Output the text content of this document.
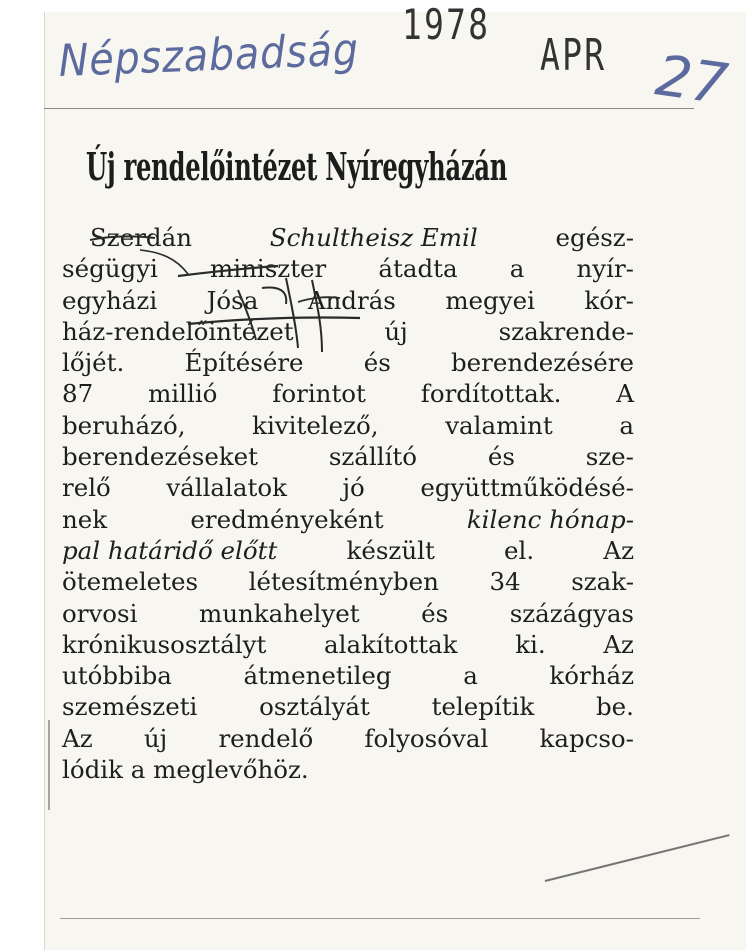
Népszabadság 1978
APR 27
Új rendelőintézet Nyíregyházán
Szerdán	Schultheisz Emil	egész-
ségügyi miniszter átadta a nyír-
egyházi Jósa András megyei kór-
ház-rendelőintézet	új	szakrende-
lőjét. Építésére és berendezésére
87 millió forintot fordítottak. A
beruházó,	kivitelező,	valamint	a
berendezéseket	szállító	és	sze-
relő vállalatok jó együttműködésé-
nek	eredményeként	kilenc hónap-
pal határidő előtt	készült	el.	Az
ötemeletes létesítményben 34 szak-
orvosi	munkahelyet	és	százágyas
krónikusosztályt alakítottak ki. Az
utóbbiba	átmenetileg	a	kórház
szemészeti	osztályát	telepítik	be.
Az új rendelő folyosóval kapcso-
lódik a meglevőhöz.
